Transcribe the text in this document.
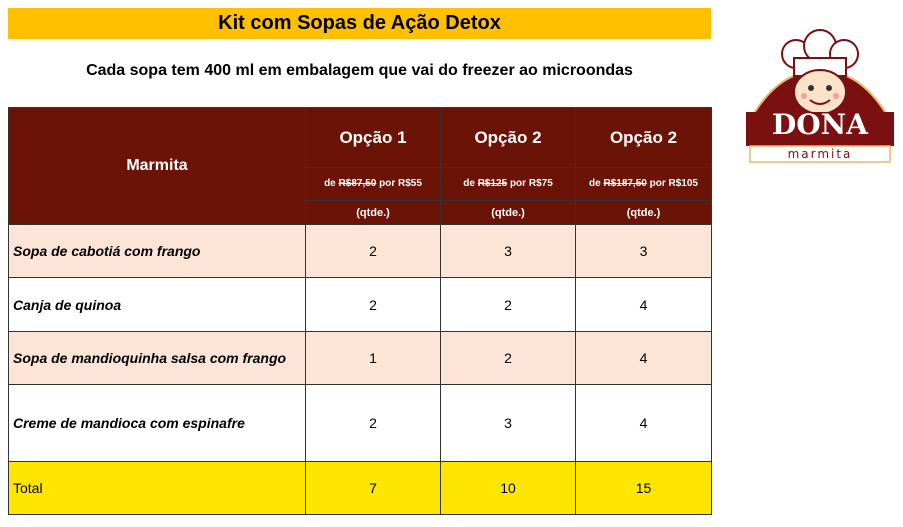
Kit com Sopas de Ação Detox
Cada sopa tem 400 ml em embalagem que vai do freezer ao microondas
Marmita	Opção 1	Opção 2	Opção 2
	de R$87,50 por R$55	de R$125 por R$75	de R$187,50 por R$105
	(qtde.)	(qtde.)	(qtde.)
Sopa de cabotiá com frango	2	3	3
Canja de quinoa	2	2	4
Sopa de mandioquinha salsa com frango	1	2	4
Creme de mandioca com espinafre	2	3	4
Total	7	10	15
DONA
marmita
